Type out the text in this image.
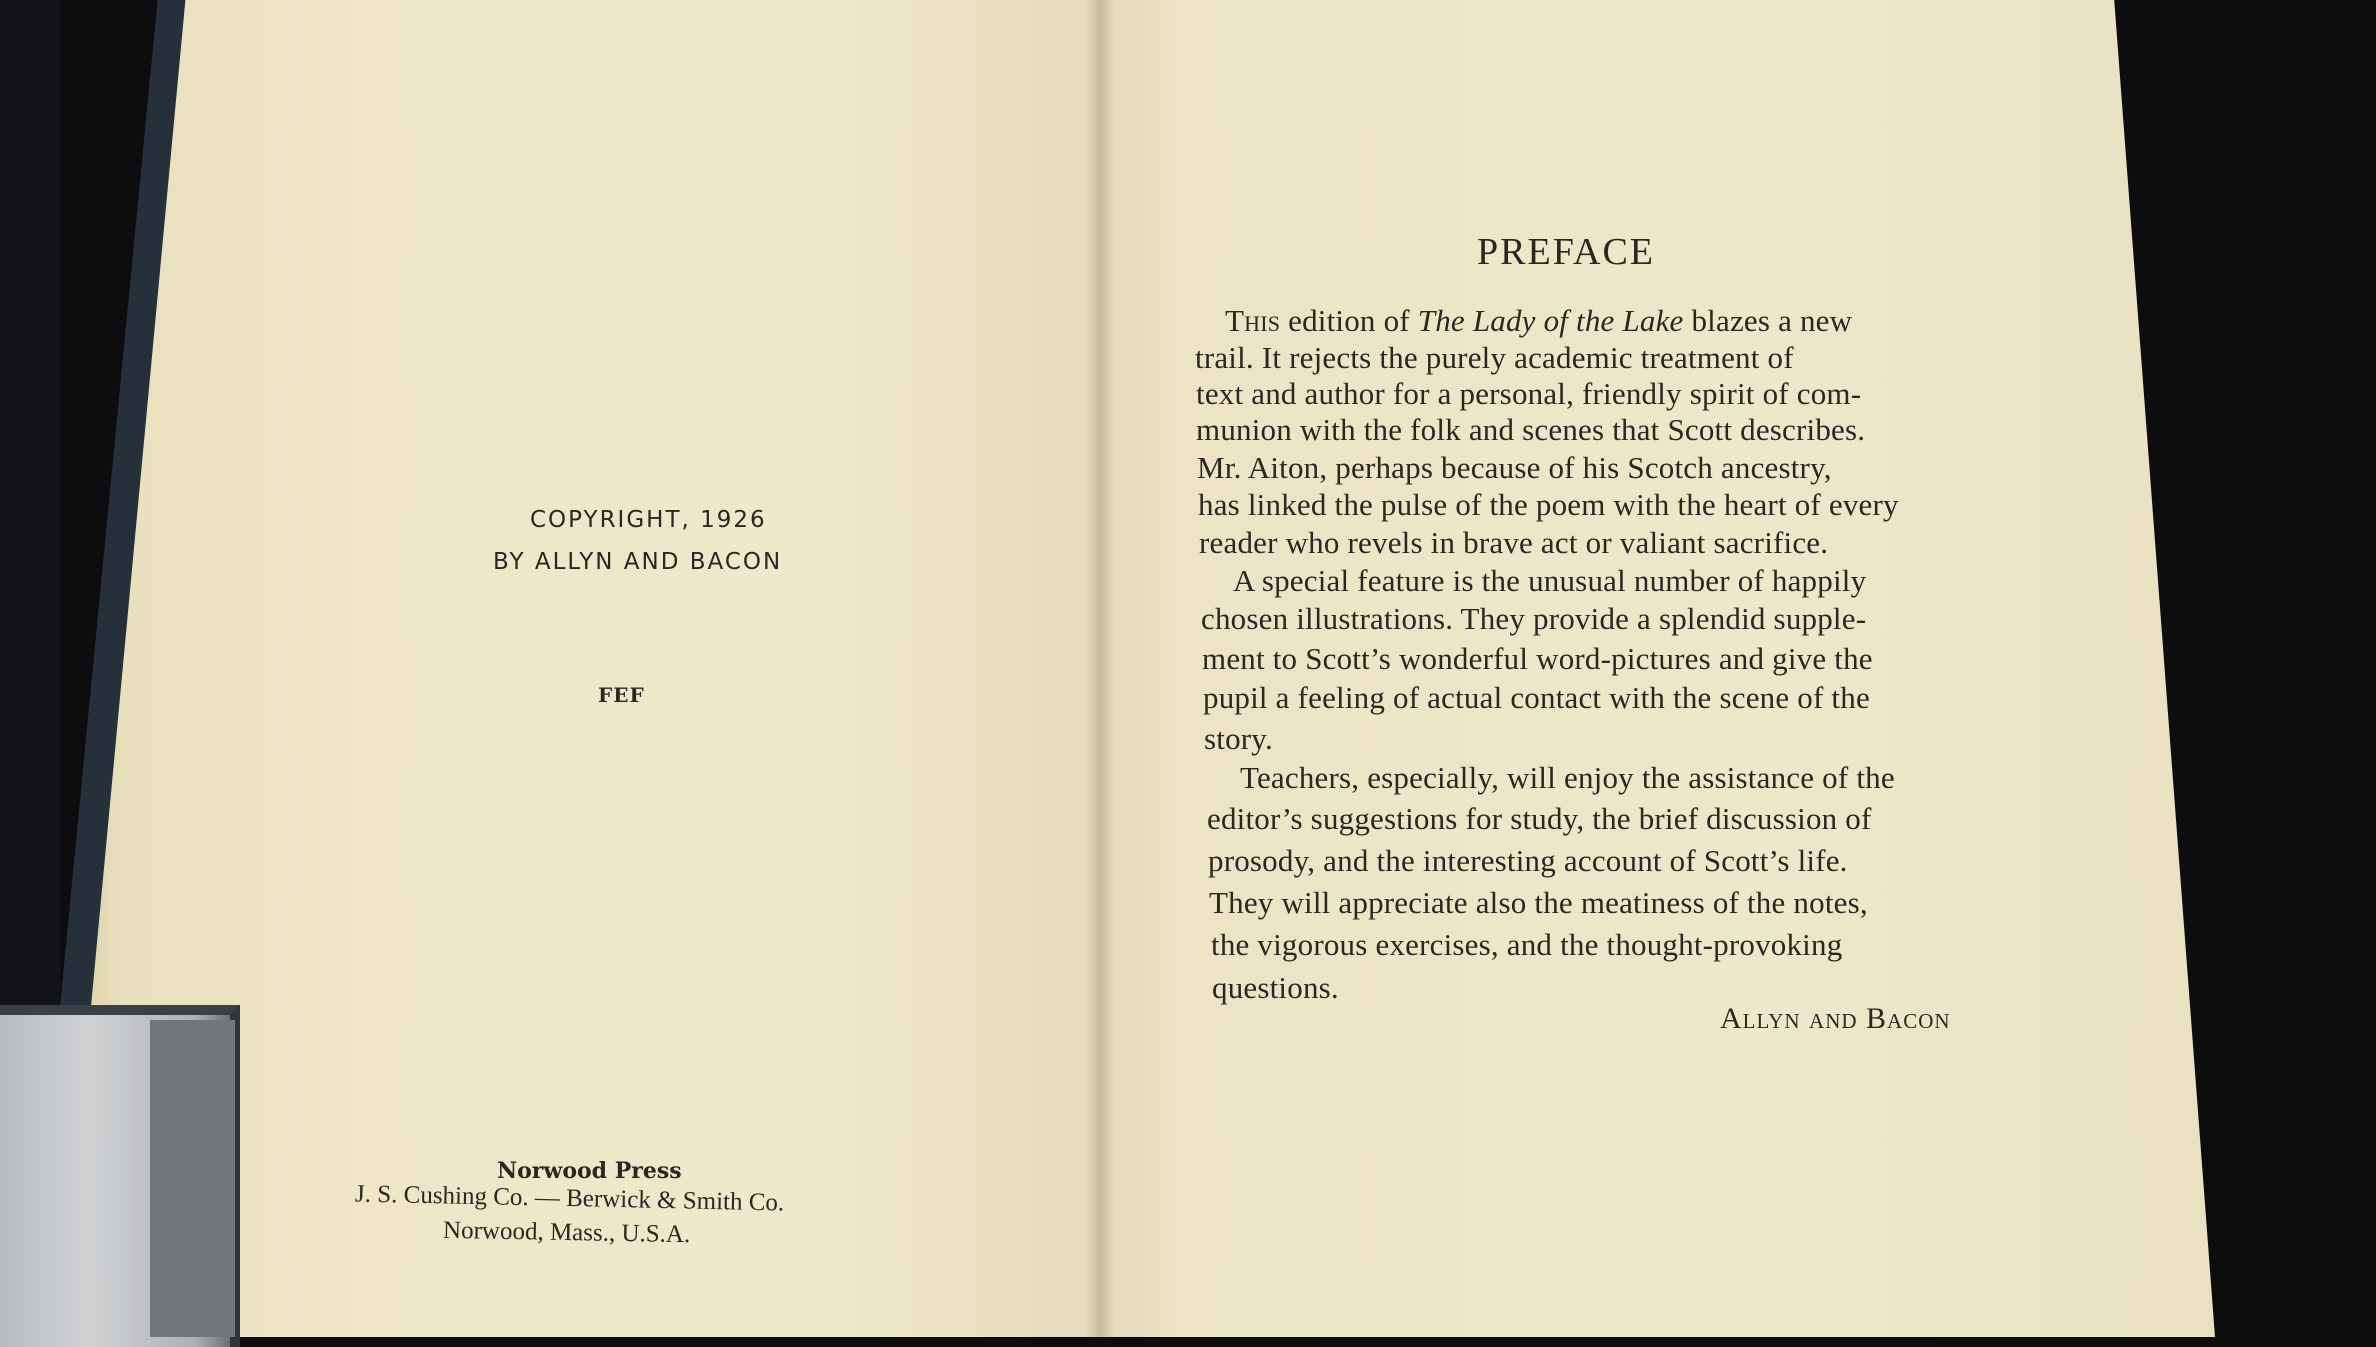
COPYRIGHT, 1926
BY ALLYN AND BACON
FEF
Norwood Press
J. S. Cushing Co. — Berwick & Smith Co.
Norwood, Mass., U.S.A.
PREFACE
This edition of The Lady of the Lake blazes a new
trail. It rejects the purely academic treatment of
text and author for a personal, friendly spirit of com-
munion with the folk and scenes that Scott describes.
Mr. Aiton, perhaps because of his Scotch ancestry,
has linked the pulse of the poem with the heart of every
reader who revels in brave act or valiant sacrifice.
A special feature is the unusual number of happily
chosen illustrations. They provide a splendid supple-
ment to Scott’s wonderful word-pictures and give the
pupil a feeling of actual contact with the scene of the
story.
Teachers, especially, will enjoy the assistance of the
editor’s suggestions for study, the brief discussion of
prosody, and the interesting account of Scott’s life.
They will appreciate also the meatiness of the notes,
the vigorous exercises, and the thought-provoking
questions.
Allyn and Bacon
